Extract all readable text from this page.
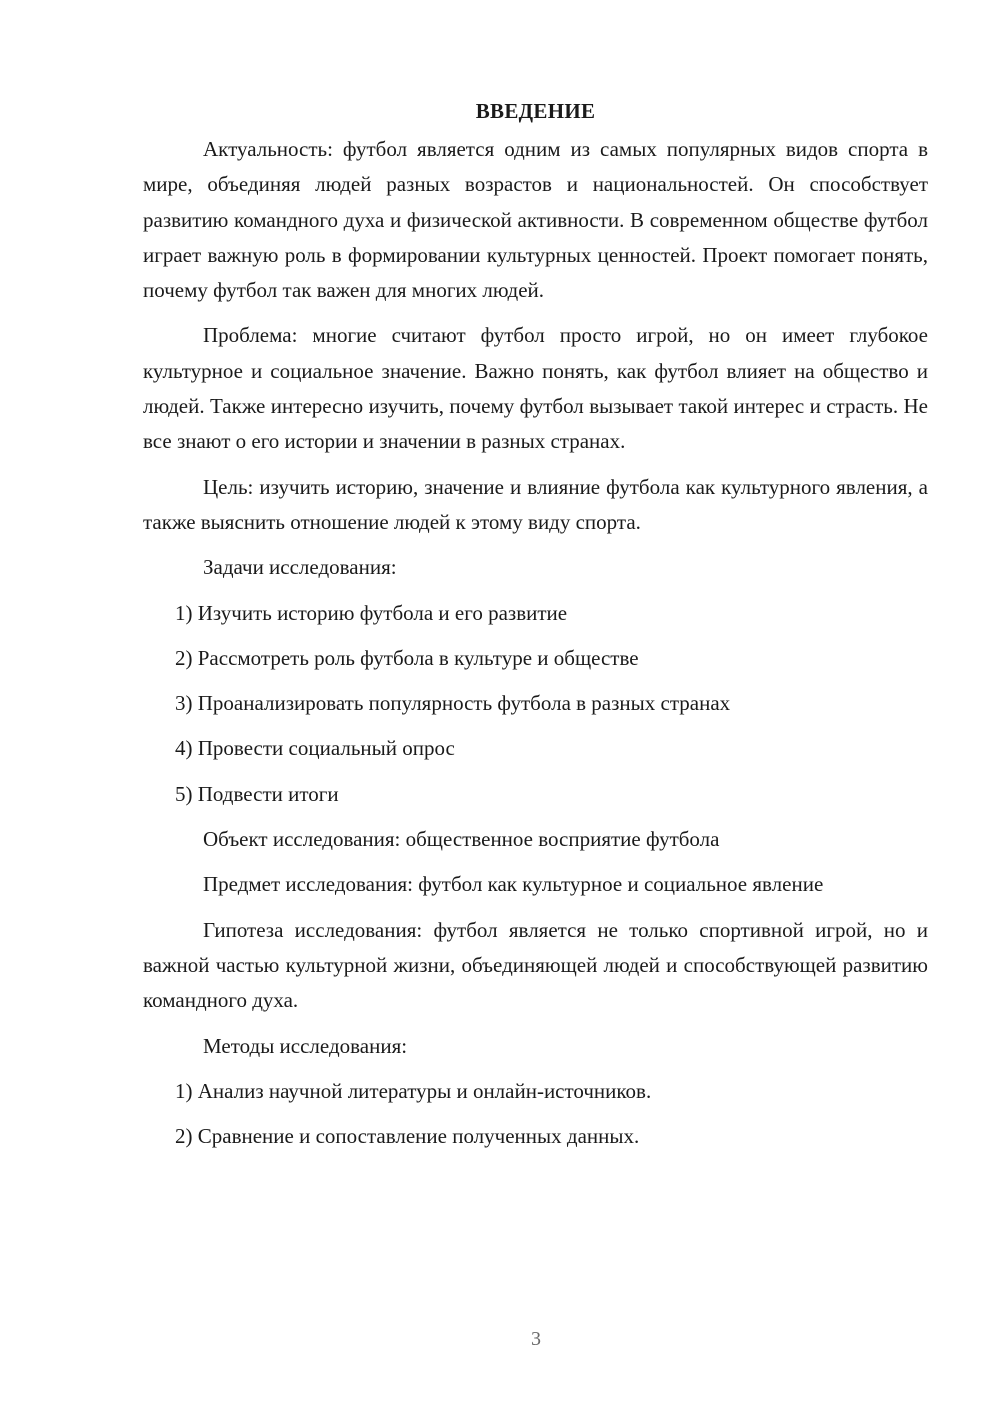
ВВЕДЕНИЕ

Актуальность: футбол является одним из самых популярных видов спорта в мире, объединяя людей разных возрастов и национальностей. Он способствует развитию командного духа и физической активности. В современном обществе футбол играет важную роль в формировании культурных ценностей. Проект помогает понять, почему футбол так важен для многих людей.

Проблема: многие считают футбол просто игрой, но он имеет глубокое культурное и социальное значение. Важно понять, как футбол влияет на общество и людей. Также интересно изучить, почему футбол вызывает такой интерес и страсть. Не все знают о его истории и значении в разных странах.

Цель: изучить историю, значение и влияние футбола как культурного явления, а также выяснить отношение людей к этому виду спорта.

Задачи исследования:
1) Изучить историю футбола и его развитие
2) Рассмотреть роль футбола в культуре и обществе
3) Проанализировать популярность футбола в разных странах
4) Провести социальный опрос
5) Подвести итоги
Объект исследования: общественное восприятие футбола

Предмет исследования: футбол как культурное и социальное явление

Гипотеза исследования: футбол является не только спортивной игрой, но и важной частью культурной жизни, объединяющей людей и способствующей развитию командного духа.

Методы исследования:
1) Анализ научной литературы и онлайн-источников.
2) Сравнение и сопоставление полученных данных.
3
